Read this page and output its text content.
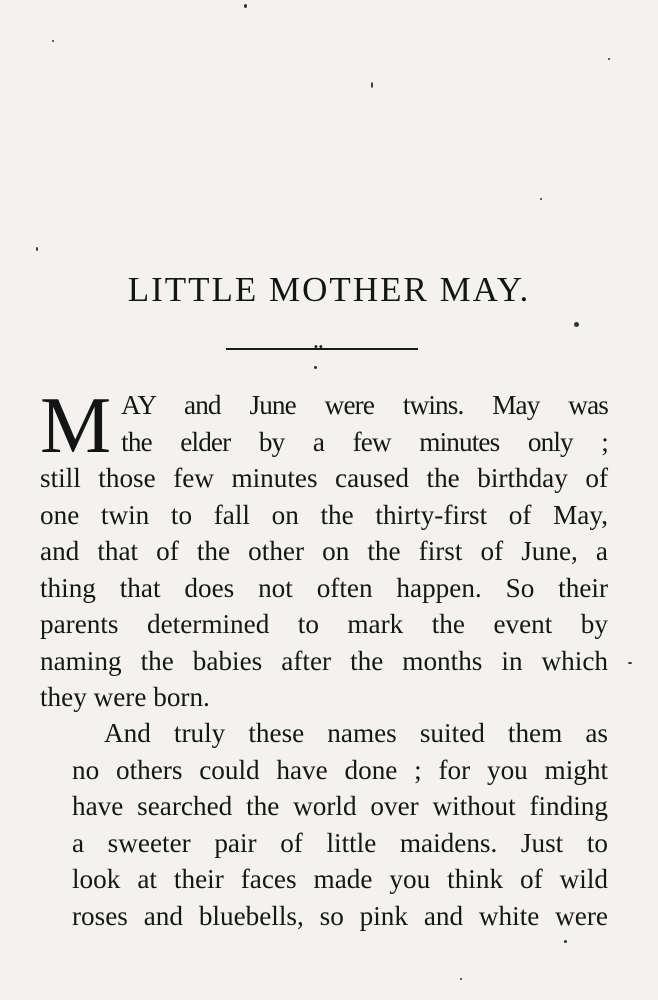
LITTLE MOTHER MAY.
••
M AY and June were twins. May was
the elder by a few minutes only ;
still those few minutes caused the birthday of
one twin to fall on the thirty-first of May,
and that of the other on the first of June, a
thing that does not often happen. So their
parents determined to mark the event by
naming the babies after the months in which
they were born.
And truly these names suited them as
no others could have done ; for you might
have searched the world over without finding
a sweeter pair of little maidens. Just to
look at their faces made you think of wild
roses and bluebells, so pink and white were
